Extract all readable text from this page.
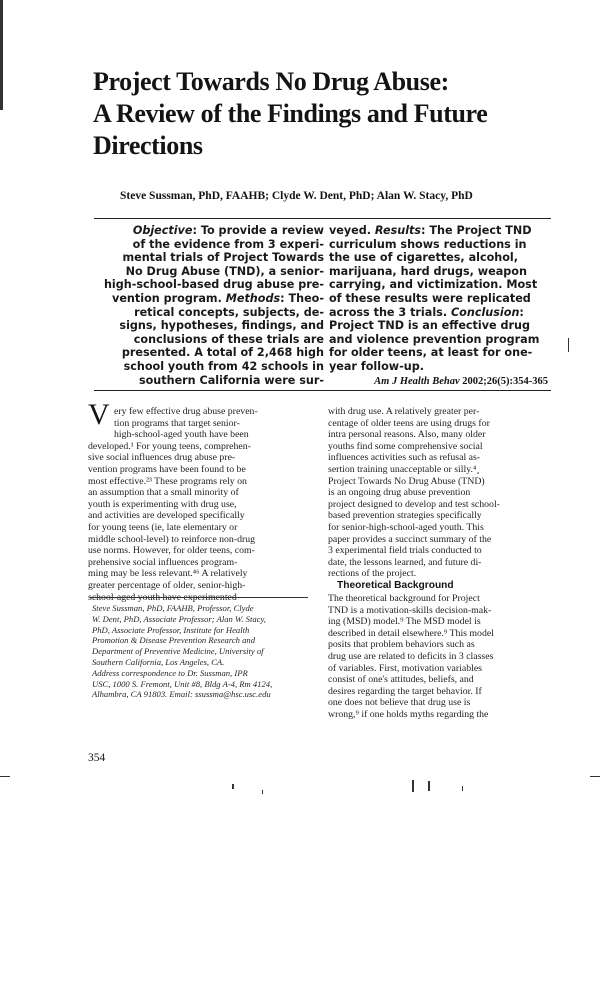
Project Towards No Drug Abuse:
A Review of the Findings and Future
Directions
Steve Sussman, PhD, FAAHB; Clyde W. Dent, PhD; Alan W. Stacy, PhD
Objective: To provide a review
of the evidence from 3 experi-
mental trials of Project Towards
No Drug Abuse (TND), a senior-
high-school-based drug abuse pre-
vention program. Methods: Theo-
retical concepts, subjects, de-
signs, hypotheses, findings, and
conclusions of these trials are
presented. A total of 2,468 high
school youth from 42 schools in
southern California were sur-
veyed. Results: The Project TND
curriculum shows reductions in
the use of cigarettes, alcohol,
marijuana, hard drugs, weapon
carrying, and victimization. Most
of these results were replicated
across the 3 trials. Conclusion:
Project TND is an effective drug
and violence prevention program
for older teens, at least for one-
year follow-up.
Am J Health Behav 2002;26(5):354-365
V ery few effective drug abuse preven-
tion programs that target senior-
high-school-aged youth have been
developed.¹ For young teens, comprehen-
sive social influences drug abuse pre-
vention programs have been found to be
most effective.²³ These programs rely on
an assumption that a small minority of
youth is experimenting with drug use,
and activities are developed specifically
for young teens (ie, late elementary or
middle school-level) to reinforce non-drug
use norms. However, for older teens, com-
prehensive social influences program-
ming may be less relevant.⁴⁶ A relatively
greater percentage of older, senior-high-
school-aged youth have experimented
with drug use. A relatively greater per-
centage of older teens are using drugs for
intra personal reasons. Also, many older
youths find some comprehensive social
influences activities such as refusal as-
sertion training unacceptable or silly.⁴¸
Project Towards No Drug Abuse (TND)
is an ongoing drug abuse prevention
project designed to develop and test school-
based prevention strategies specifically
for senior-high-school-aged youth. This
paper provides a succinct summary of the
3 experimental field trials conducted to
date, the lessons learned, and future di-
rections of the project.
Theoretical Background
The theoretical background for Project
TND is a motivation-skills decision-mak-
ing (MSD) model.⁹ The MSD model is
described in detail elsewhere.⁹ This model
posits that problem behaviors such as
drug use are related to deficits in 3 classes
of variables. First, motivation variables
consist of one's attitudes, beliefs, and
desires regarding the target behavior. If
one does not believe that drug use is
wrong,⁹ if one holds myths regarding the
Steve Sussman, PhD, FAAHB, Professor, Clyde
W. Dent, PhD, Associate Professor; Alan W. Stacy,
PhD, Associate Professor, Institute for Health
Promotion & Disease Prevention Research and
Department of Preventive Medicine, University of
Southern California, Los Angeles, CA.
Address correspondence to Dr. Sussman, IPR
USC, 1000 S. Fremont, Unit #8, Bldg A-4, Rm 4124,
Alhambra, CA 91803. Email: ssussma@hsc.usc.edu
354
